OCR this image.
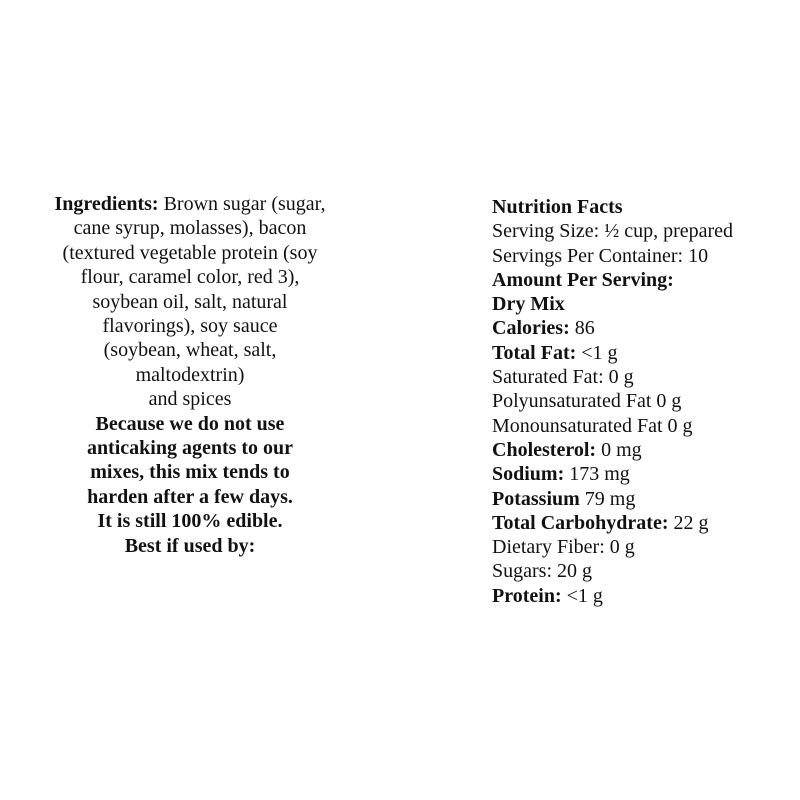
Ingredients: Brown sugar (sugar,
cane syrup, molasses), bacon
(textured vegetable protein (soy
flour, caramel color, red 3),
soybean oil, salt, natural
flavorings), soy sauce
(soybean, wheat, salt,
maltodextrin)
and spices

Because we do not use
anticaking agents to our
mixes, this mix tends to
harden after a few days.
It is still 100% edible.

Best if used by:

Nutrition Facts
Serving Size: ½ cup, prepared
Servings Per Container: 10
Amount Per Serving:
Dry Mix
Calories: 86
Total Fat: <1 g
Saturated Fat: 0 g
Polyunsaturated Fat 0 g
Monounsaturated Fat 0 g
Cholesterol: 0 mg
Sodium: 173 mg
Potassium 79 mg
Total Carbohydrate: 22 g
Dietary Fiber: 0 g
Sugars: 20 g
Protein: <1 g
